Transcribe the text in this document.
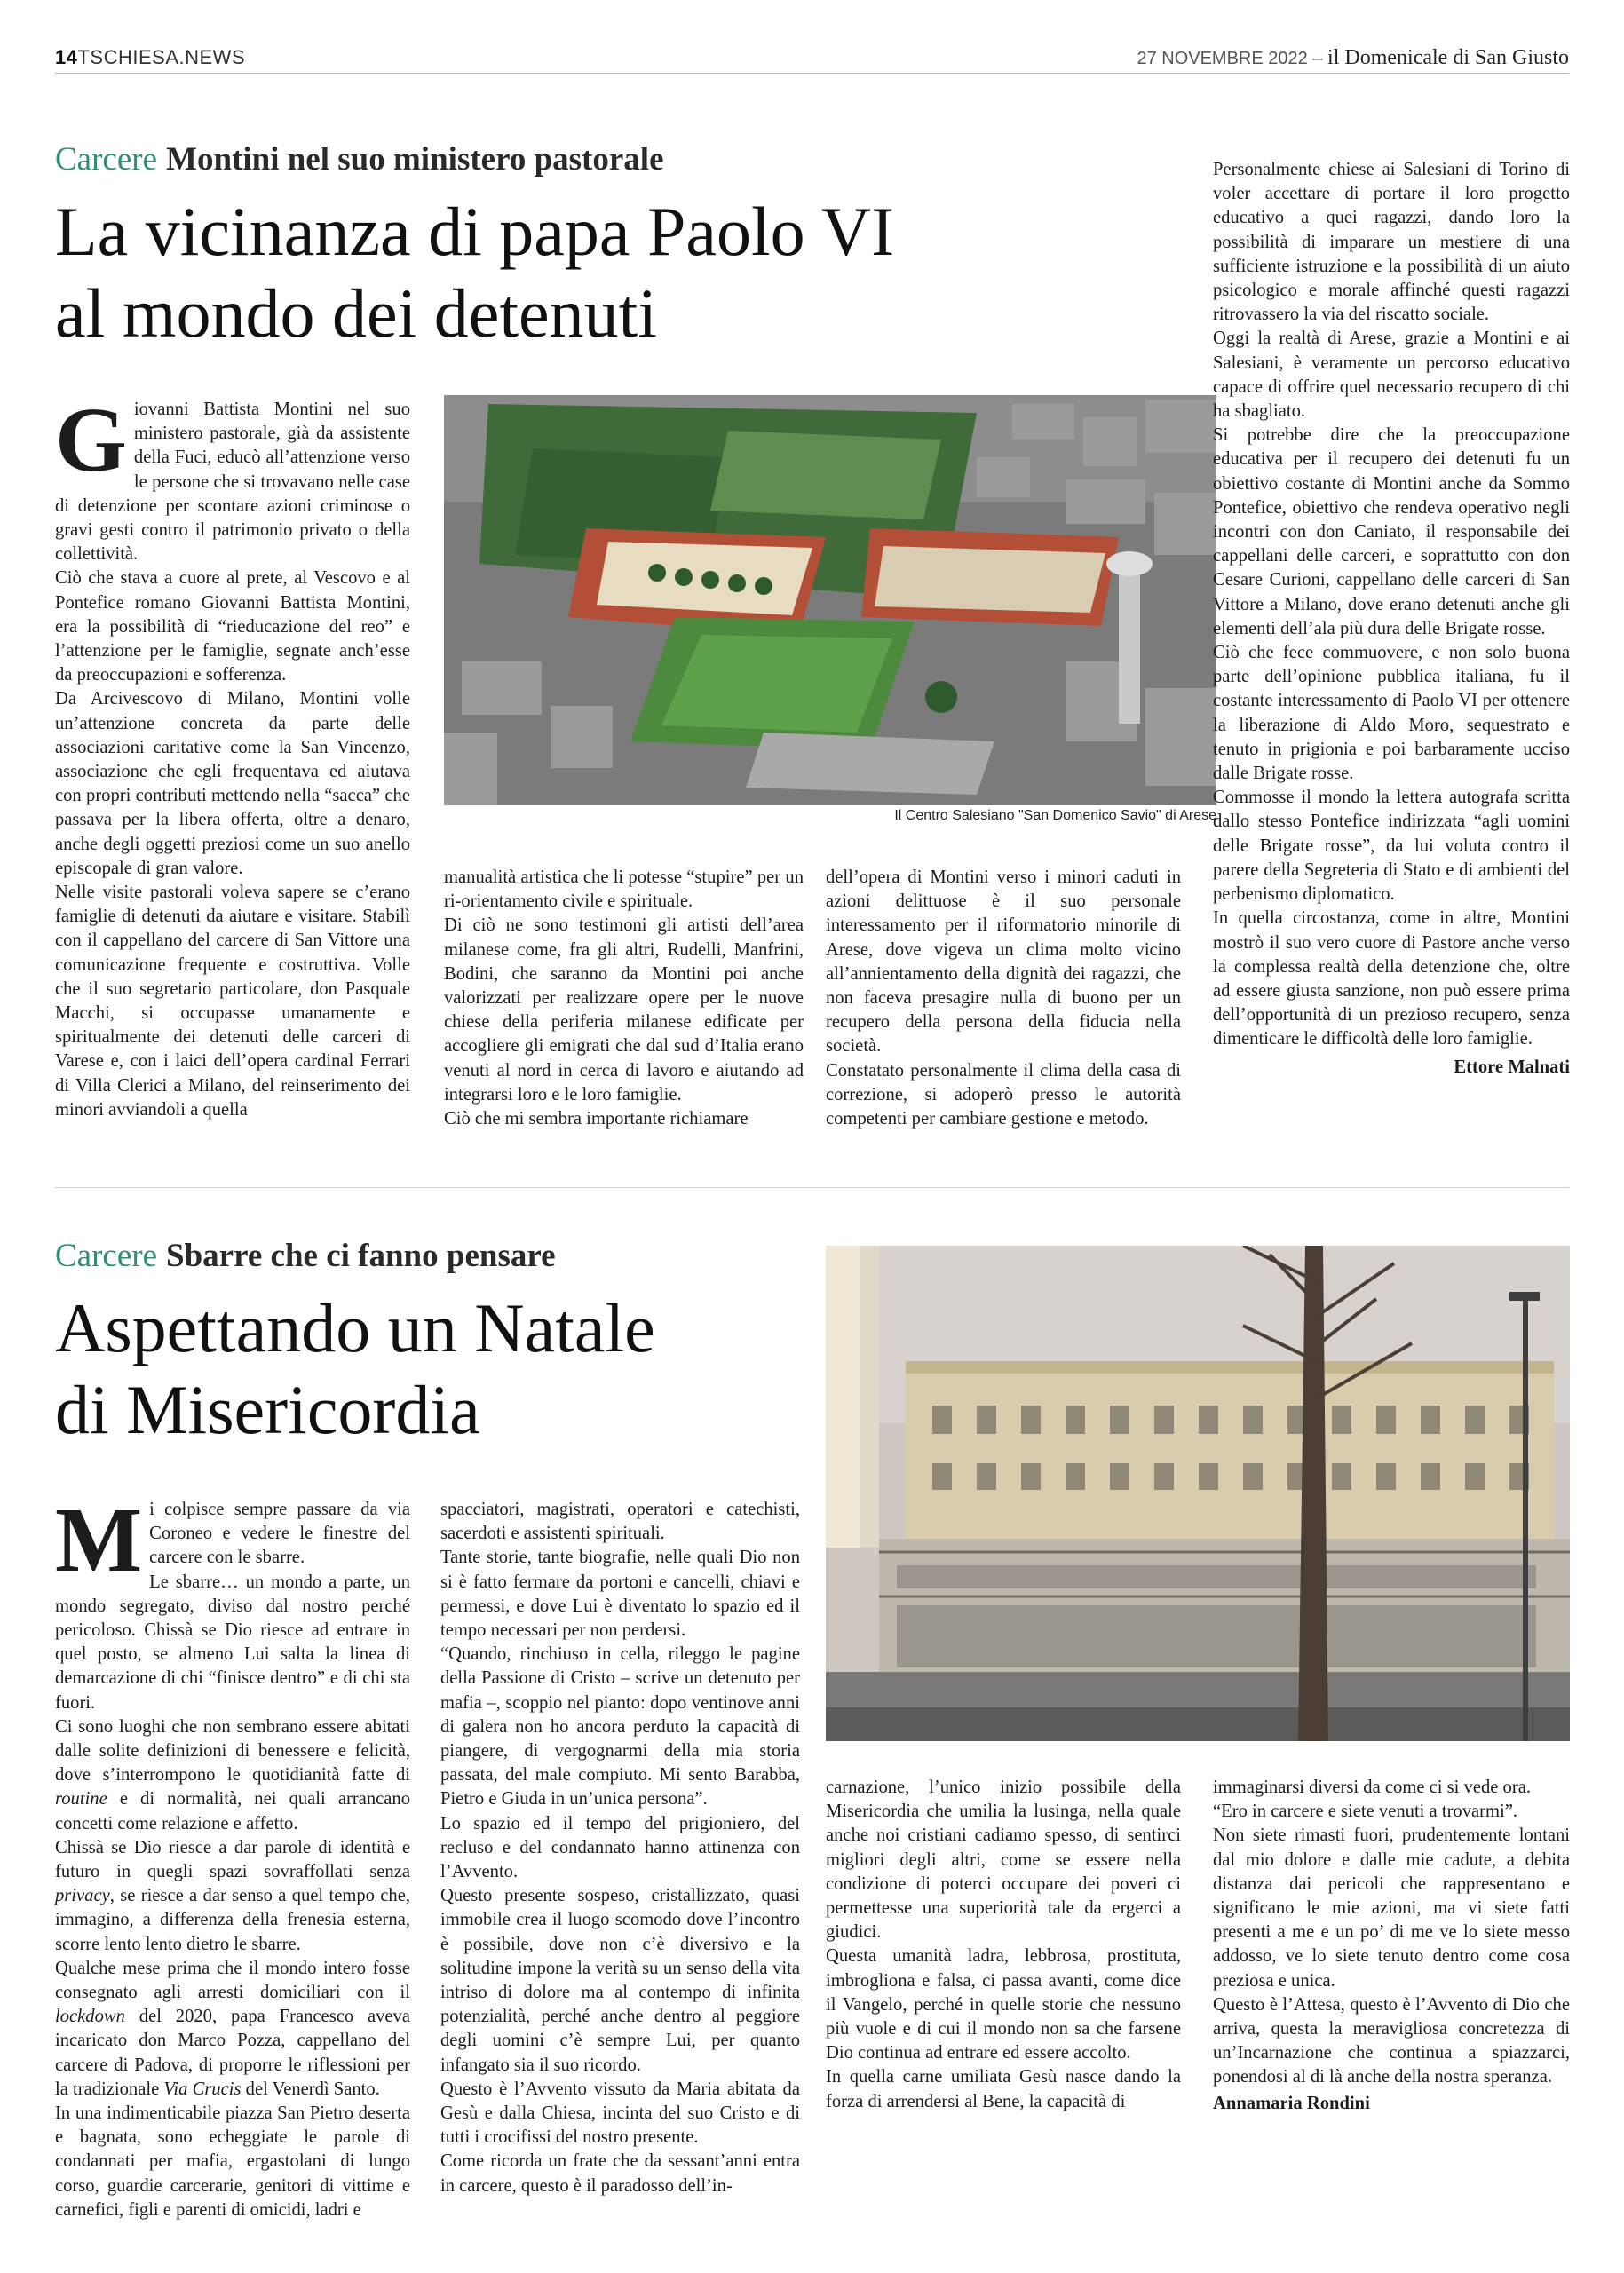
14TSCHIESA.NEWS	27 NOVEMBRE 2022 – il Domenicale di San Giusto
Carcere Montini nel suo ministero pastorale
La vicinanza di papa Paolo VI
al mondo dei detenuti
Il Centro Salesiano "San Domenico Savio" di Arese

Giovanni Battista Montini nel suo ministero pastorale, già da assistente della Fuci, educò all’attenzione verso le persone che si trovavano nelle case di detenzione per scontare azioni criminose o gravi gesti contro il patrimonio privato o della collettività.

Ciò che stava a cuore al prete, al Vescovo e al Pontefice romano Giovanni Battista Montini, era la possibilità di “rieducazione del reo” e l’attenzione per le famiglie, segnate anch’esse da preoccupazioni e sofferenza.

Da Arcivescovo di Milano, Montini volle un’attenzione concreta da parte delle associazioni caritative come la San Vincenzo, associazione che egli frequentava ed aiutava con propri contributi mettendo nella “sacca” che passava per la libera offerta, oltre a denaro, anche degli oggetti preziosi come un suo anello episcopale di gran valore.

Nelle visite pastorali voleva sapere se c’erano famiglie di detenuti da aiutare e visitare. Stabilì con il cappellano del carcere di San Vittore una comunicazione frequente e costruttiva. Volle che il suo segretario particolare, don Pasquale Macchi, si occupasse umanamente e spiritualmente dei detenuti delle carceri di Varese e, con i laici dell’opera cardinal Ferrari di Villa Clerici a Milano, del reinserimento dei minori avviandoli a quella

manualità artistica che li potesse “stupire” per un ri-orientamento civile e spirituale.

Di ciò ne sono testimoni gli artisti dell’area milanese come, fra gli altri, Rudelli, Manfrini, Bodini, che saranno da Montini poi anche valorizzati per realizzare opere per le nuove chiese della periferia milanese edificate per accogliere gli emigrati che dal sud d’Italia erano venuti al nord in cerca di lavoro e aiutando ad integrarsi loro e le loro famiglie.

Ciò che mi sembra importante richiamare

dell’opera di Montini verso i minori caduti in azioni delittuose è il suo personale interessamento per il riformatorio minorile di Arese, dove vigeva un clima molto vicino all’annientamento della dignità dei ragazzi, che non faceva presagire nulla di buono per un recupero della persona della fiducia nella società.

Constatato personalmente il clima della casa di correzione, si adoperò presso le autorità competenti per cambiare gestione e metodo.

Personalmente chiese ai Salesiani di Torino di voler accettare di portare il loro progetto educativo a quei ragazzi, dando loro la possibilità di imparare un mestiere di una sufficiente istruzione e la possibilità di un aiuto psicologico e morale affinché questi ragazzi ritrovassero la via del riscatto sociale.

Oggi la realtà di Arese, grazie a Montini e ai Salesiani, è veramente un percorso educativo capace di offrire quel necessario recupero di chi ha sbagliato.

Si potrebbe dire che la preoccupazione educativa per il recupero dei detenuti fu un obiettivo costante di Montini anche da Sommo Pontefice, obiettivo che rendeva operativo negli incontri con don Caniato, il responsabile dei cappellani delle carceri, e soprattutto con don Cesare Curioni, cappellano delle carceri di San Vittore a Milano, dove erano detenuti anche gli elementi dell’ala più dura delle Brigate rosse.

Ciò che fece commuovere, e non solo buona parte dell’opinione pubblica italiana, fu il costante interessamento di Paolo VI per ottenere la liberazione di Aldo Moro, sequestrato e tenuto in prigionia e poi barbaramente ucciso dalle Brigate rosse.

Commosse il mondo la lettera autografa scritta dallo stesso Pontefice indirizzata “agli uomini delle Brigate rosse”, da lui voluta contro il parere della Segreteria di Stato e di ambienti del perbenismo diplomatico.

In quella circostanza, come in altre, Montini mostrò il suo vero cuore di Pastore anche verso la complessa realtà della detenzione che, oltre ad essere giusta sanzione, non può essere prima dell’opportunità di un prezioso recupero, senza dimenticare le difficoltà delle loro famiglie.

Ettore Malnati

Carcere Sbarre che ci fanno pensare
Aspettando un Natale
di Misericordia

Mi colpisce sempre passare da via Coroneo e vedere le finestre del carcere con le sbarre.

Le sbarre… un mondo a parte, un mondo segregato, diviso dal nostro perché pericoloso. Chissà se Dio riesce ad entrare in quel posto, se almeno Lui salta la linea di demarcazione di chi “finisce dentro” e di chi sta fuori.

Ci sono luoghi che non sembrano essere abitati dalle solite definizioni di benessere e felicità, dove s’interrompono le quotidianità fatte di routine e di normalità, nei quali arrancano concetti come relazione e affetto.

Chissà se Dio riesce a dar parole di identità e futuro in quegli spazi sovraffollati senza privacy, se riesce a dar senso a quel tempo che, immagino, a differenza della frenesia esterna, scorre lento lento dietro le sbarre.

Qualche mese prima che il mondo intero fosse consegnato agli arresti domiciliari con il lockdown del 2020, papa Francesco aveva incaricato don Marco Pozza, cappellano del carcere di Padova, di proporre le riflessioni per la tradizionale Via Crucis del Venerdì Santo.

In una indimenticabile piazza San Pietro deserta e bagnata, sono echeggiate le parole di condannati per mafia, ergastolani di lungo corso, guardie carcerarie, genitori di vittime e carnefici, figli e parenti di omicidi, ladri e

spacciatori, magistrati, operatori e catechisti, sacerdoti e assistenti spirituali.

Tante storie, tante biografie, nelle quali Dio non si è fatto fermare da portoni e cancelli, chiavi e permessi, e dove Lui è diventato lo spazio ed il tempo necessari per non perdersi.

“Quando, rinchiuso in cella, rileggo le pagine della Passione di Cristo – scrive un detenuto per mafia –, scoppio nel pianto: dopo ventinove anni di galera non ho ancora perduto la capacità di piangere, di vergognarmi della mia storia passata, del male compiuto. Mi sento Barabba, Pietro e Giuda in un’unica persona”.

Lo spazio ed il tempo del prigioniero, del recluso e del condannato hanno attinenza con l’Avvento.

Questo presente sospeso, cristallizzato, quasi immobile crea il luogo scomodo dove l’incontro è possibile, dove non c’è diversivo e la solitudine impone la verità su un senso della vita intriso di dolore ma al contempo di infinita potenzialità, perché anche dentro al peggiore degli uomini c’è sempre Lui, per quanto infangato sia il suo ricordo.

Questo è l’Avvento vissuto da Maria abitata da Gesù e dalla Chiesa, incinta del suo Cristo e di tutti i crocifissi del nostro presente.

Come ricorda un frate che da sessant’anni entra in carcere, questo è il paradosso dell’in-

carnazione, l’unico inizio possibile della Misericordia che umilia la lusinga, nella quale anche noi cristiani cadiamo spesso, di sentirci migliori degli altri, come se essere nella condizione di poterci occupare dei poveri ci permettesse una superiorità tale da ergerci a giudici.

Questa umanità ladra, lebbrosa, prostituta, imbrogliona e falsa, ci passa avanti, come dice il Vangelo, perché in quelle storie che nessuno più vuole e di cui il mondo non sa che farsene Dio continua ad entrare ed essere accolto.

In quella carne umiliata Gesù nasce dando la forza di arrendersi al Bene, la capacità di

immaginarsi diversi da come ci si vede ora.

“Ero in carcere e siete venuti a trovarmi”.

Non siete rimasti fuori, prudentemente lontani dal mio dolore e dalle mie cadute, a debita distanza dai pericoli che rappresentano e significano le mie azioni, ma vi siete fatti presenti a me e un po’ di me ve lo siete messo addosso, ve lo siete tenuto dentro come cosa preziosa e unica.

Questo è l’Attesa, questo è l’Avvento di Dio che arriva, questa la meravigliosa concretezza di un’Incarnazione che continua a spiazzarci, ponendosi al di là anche della nostra speranza.

Annamaria Rondini
